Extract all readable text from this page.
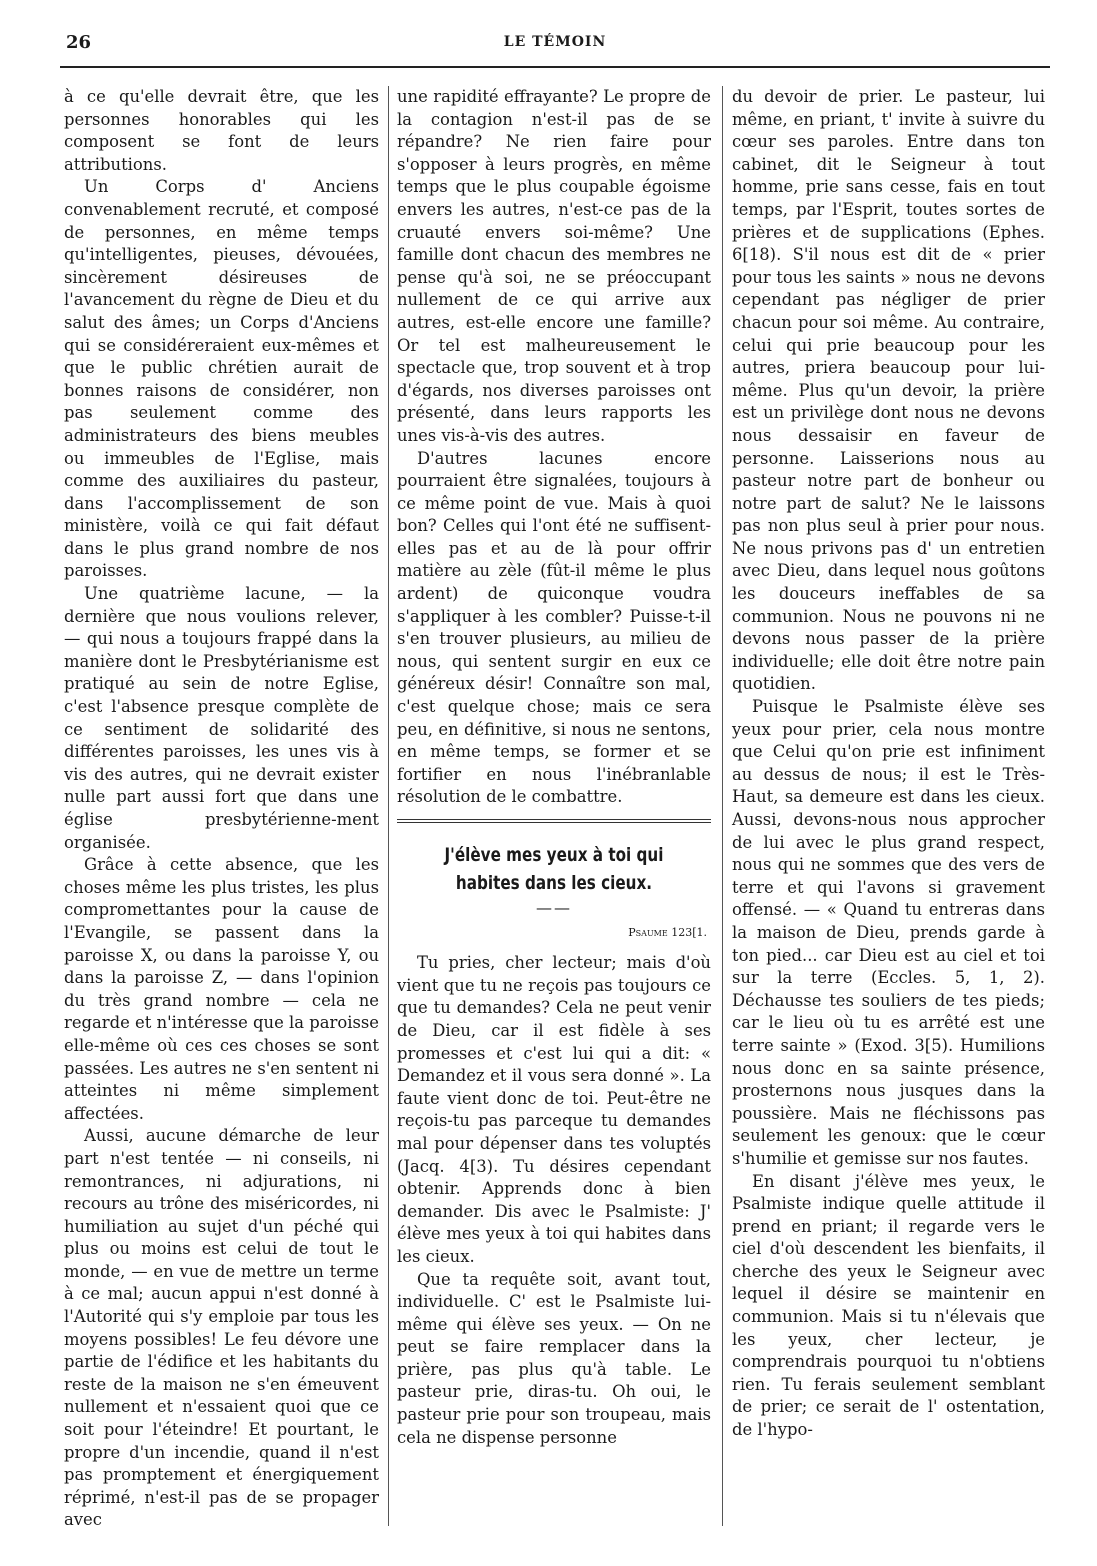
26	LE TÉMOIN

à ce qu'elle devrait être, que les personnes honorables qui les composent se font de leurs attributions.

Un Corps d' Anciens convenablement recruté, et composé de personnes, en même temps qu'intelligentes, pieuses, dévouées, sincèrement désireuses de l'avancement du règne de Dieu et du salut des âmes; un Corps d'Anciens qui se considéreraient eux-mêmes et que le public chrétien aurait de bonnes raisons de considérer, non pas seulement comme des administrateurs des biens meubles ou immeubles de l'Eglise, mais comme des auxiliaires du pasteur, dans l'accomplissement de son ministère, voilà ce qui fait défaut dans le plus grand nombre de nos paroisses.

Une quatrième lacune, — la dernière que nous voulions relever, — qui nous a toujours frappé dans la manière dont le Presbytérianisme est pratiqué au sein de notre Eglise, c'est l'absence presque complète de ce sentiment de solidarité des différentes paroisses, les unes vis à vis des autres, qui ne devrait exister nulle part aussi fort que dans une église presbytérienne-ment organisée.

Grâce à cette absence, que les choses même les plus tristes, les plus compromettantes pour la cause de l'Evangile, se passent dans la paroisse X, ou dans la paroisse Y, ou dans la paroisse Z, — dans l'opinion du très grand nombre — cela ne regarde et n'intéresse que la paroisse elle-même où ces ces choses se sont passées. Les autres ne s'en sentent ni atteintes ni même simplement affectées.

Aussi, aucune démarche de leur part n'est tentée — ni conseils, ni remontrances, ni adjurations, ni recours au trône des miséricordes, ni humiliation au sujet d'un péché qui plus ou moins est celui de tout le monde, — en vue de mettre un terme à ce mal; aucun appui n'est donné à l'Autorité qui s'y emploie par tous les moyens possibles! Le feu dévore une partie de l'édifice et les habitants du reste de la maison ne s'en émeuvent nullement et n'essaient quoi que ce soit pour l'éteindre! Et pourtant, le propre d'un incendie, quand il n'est pas promptement et énergiquement réprimé, n'est-il pas de se propager avec

une rapidité effrayante? Le propre de la contagion n'est-il pas de se répandre? Ne rien faire pour s'opposer à leurs progrès, en même temps que le plus coupable égoisme envers les autres, n'est-ce pas de la cruauté envers soi-même? Une famille dont chacun des membres ne pense qu'à soi, ne se préoccupant nullement de ce qui arrive aux autres, est-elle encore une famille? Or tel est malheureusement le spectacle que, trop souvent et à trop d'égards, nos diverses paroisses ont présenté, dans leurs rapports les unes vis-à-vis des autres.

D'autres lacunes encore pourraient être signalées, toujours à ce même point de vue. Mais à quoi bon? Celles qui l'ont été ne suffisent-elles pas et au de là pour offrir matière au zèle (fût-il même le plus ardent) de quiconque voudra s'appliquer à les combler? Puisse-t-il s'en trouver plusieurs, au milieu de nous, qui sentent surgir en eux ce généreux désir! Connaître son mal, c'est quelque chose; mais ce sera peu, en définitive, si nous ne sentons, en même temps, se former et se fortifier en nous l'inébranlable résolution de le combattre.

J'élève mes yeux à toi qui habites dans les cieux.
——
Psaume 123[1.

Tu pries, cher lecteur; mais d'où vient que tu ne reçois pas toujours ce que tu demandes? Cela ne peut venir de Dieu, car il est fidèle à ses promesses et c'est lui qui a dit: « Demandez et il vous sera donné ». La faute vient donc de toi. Peut-être ne reçois-tu pas parceque tu demandes mal pour dépenser dans tes voluptés (Jacq. 4[3). Tu désires cependant obtenir. Apprends donc à bien demander. Dis avec le Psalmiste: J' élève mes yeux à toi qui habites dans les cieux.

Que ta requête soit, avant tout, individuelle. C' est le Psalmiste lui-même qui élève ses yeux. — On ne peut se faire remplacer dans la prière, pas plus qu'à table. Le pasteur prie, diras-tu. Oh oui, le pasteur prie pour son troupeau, mais cela ne dispense personne

du devoir de prier. Le pasteur, lui même, en priant, t' invite à suivre du cœur ses paroles. Entre dans ton cabinet, dit le Seigneur à tout homme, prie sans cesse, fais en tout temps, par l'Esprit, toutes sortes de prières et de supplications (Ephes. 6[18). S'il nous est dit de « prier pour tous les saints » nous ne devons cependant pas négliger de prier chacun pour soi même. Au contraire, celui qui prie beaucoup pour les autres, priera beaucoup pour lui-même. Plus qu'un devoir, la prière est un privilège dont nous ne devons nous dessaisir en faveur de personne. Laisserions nous au pasteur notre part de bonheur ou notre part de salut? Ne le laissons pas non plus seul à prier pour nous. Ne nous privons pas d' un entretien avec Dieu, dans lequel nous goûtons les douceurs ineffables de sa communion. Nous ne pouvons ni ne devons nous passer de la prière individuelle; elle doit être notre pain quotidien.

Puisque le Psalmiste élève ses yeux pour prier, cela nous montre que Celui qu'on prie est infiniment au dessus de nous; il est le Très-Haut, sa demeure est dans les cieux. Aussi, devons-nous nous approcher de lui avec le plus grand respect, nous qui ne sommes que des vers de terre et qui l'avons si gravement offensé. — « Quand tu entreras dans la maison de Dieu, prends garde à ton pied... car Dieu est au ciel et toi sur la terre (Eccles. 5, 1, 2). Déchausse tes souliers de tes pieds; car le lieu où tu es arrêté est une terre sainte » (Exod. 3[5). Humilions nous donc en sa sainte présence, prosternons nous jusques dans la poussière. Mais ne fléchissons pas seulement les genoux: que le cœur s'humilie et gemisse sur nos fautes.

En disant j'élève mes yeux, le Psalmiste indique quelle attitude il prend en priant; il regarde vers le ciel d'où descendent les bienfaits, il cherche des yeux le Seigneur avec lequel il désire se maintenir en communion. Mais si tu n'élevais que les yeux, cher lecteur, je comprendrais pourquoi tu n'obtiens rien. Tu ferais seulement semblant de prier; ce serait de l' ostentation, de l'hypo-
